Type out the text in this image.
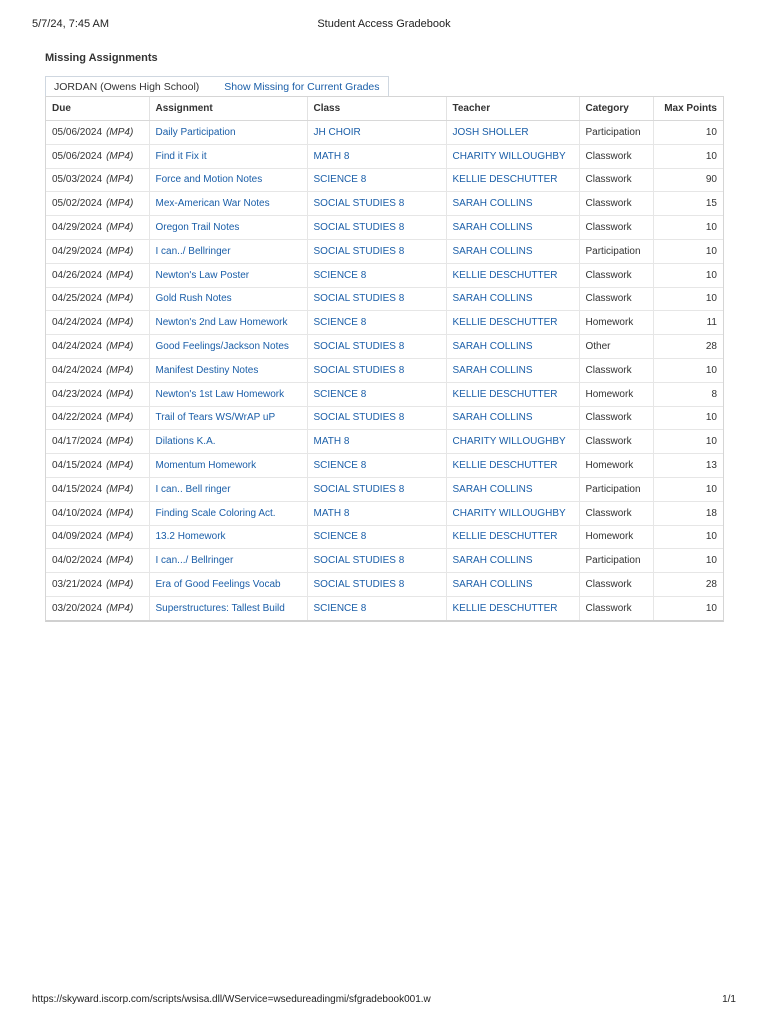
5/7/24, 7:45 AM	Student Access Gradebook
Missing Assignments
JORDAN (Owens High School)	Show Missing for Current Grades
Due	Assignment	Class	Teacher	Category	Max Points
05/06/2024 (MP4)	Daily Participation	JH CHOIR	JOSH SHOLLER	Participation	10
05/06/2024 (MP4)	Find it Fix it	MATH 8	CHARITY WILLOUGHBY	Classwork	10
05/03/2024 (MP4)	Force and Motion Notes	SCIENCE 8	KELLIE DESCHUTTER	Classwork	90
05/02/2024 (MP4)	Mex-American War Notes	SOCIAL STUDIES 8	SARAH COLLINS	Classwork	15
04/29/2024 (MP4)	Oregon Trail Notes	SOCIAL STUDIES 8	SARAH COLLINS	Classwork	10
04/29/2024 (MP4)	I can../ Bellringer	SOCIAL STUDIES 8	SARAH COLLINS	Participation	10
04/26/2024 (MP4)	Newton's Law Poster	SCIENCE 8	KELLIE DESCHUTTER	Classwork	10
04/25/2024 (MP4)	Gold Rush Notes	SOCIAL STUDIES 8	SARAH COLLINS	Classwork	10
04/24/2024 (MP4)	Newton's 2nd Law Homework	SCIENCE 8	KELLIE DESCHUTTER	Homework	11
04/24/2024 (MP4)	Good Feelings/Jackson Notes	SOCIAL STUDIES 8	SARAH COLLINS	Other	28
04/24/2024 (MP4)	Manifest Destiny Notes	SOCIAL STUDIES 8	SARAH COLLINS	Classwork	10
04/23/2024 (MP4)	Newton's 1st Law Homework	SCIENCE 8	KELLIE DESCHUTTER	Homework	8
04/22/2024 (MP4)	Trail of Tears WS/WrAP uP	SOCIAL STUDIES 8	SARAH COLLINS	Classwork	10
04/17/2024 (MP4)	Dilations K.A.	MATH 8	CHARITY WILLOUGHBY	Classwork	10
04/15/2024 (MP4)	Momentum Homework	SCIENCE 8	KELLIE DESCHUTTER	Homework	13
04/15/2024 (MP4)	I can.. Bell ringer	SOCIAL STUDIES 8	SARAH COLLINS	Participation	10
04/10/2024 (MP4)	Finding Scale Coloring Act.	MATH 8	CHARITY WILLOUGHBY	Classwork	18
04/09/2024 (MP4)	13.2 Homework	SCIENCE 8	KELLIE DESCHUTTER	Homework	10
04/02/2024 (MP4)	I can.../ Bellringer	SOCIAL STUDIES 8	SARAH COLLINS	Participation	10
03/21/2024 (MP4)	Era of Good Feelings Vocab	SOCIAL STUDIES 8	SARAH COLLINS	Classwork	28
03/20/2024 (MP4)	Superstructures: Tallest Build	SCIENCE 8	KELLIE DESCHUTTER	Classwork	10
https://skyward.iscorp.com/scripts/wsisa.dll/WService=wsedureadingmi/sfgradebook001.w	1/1
